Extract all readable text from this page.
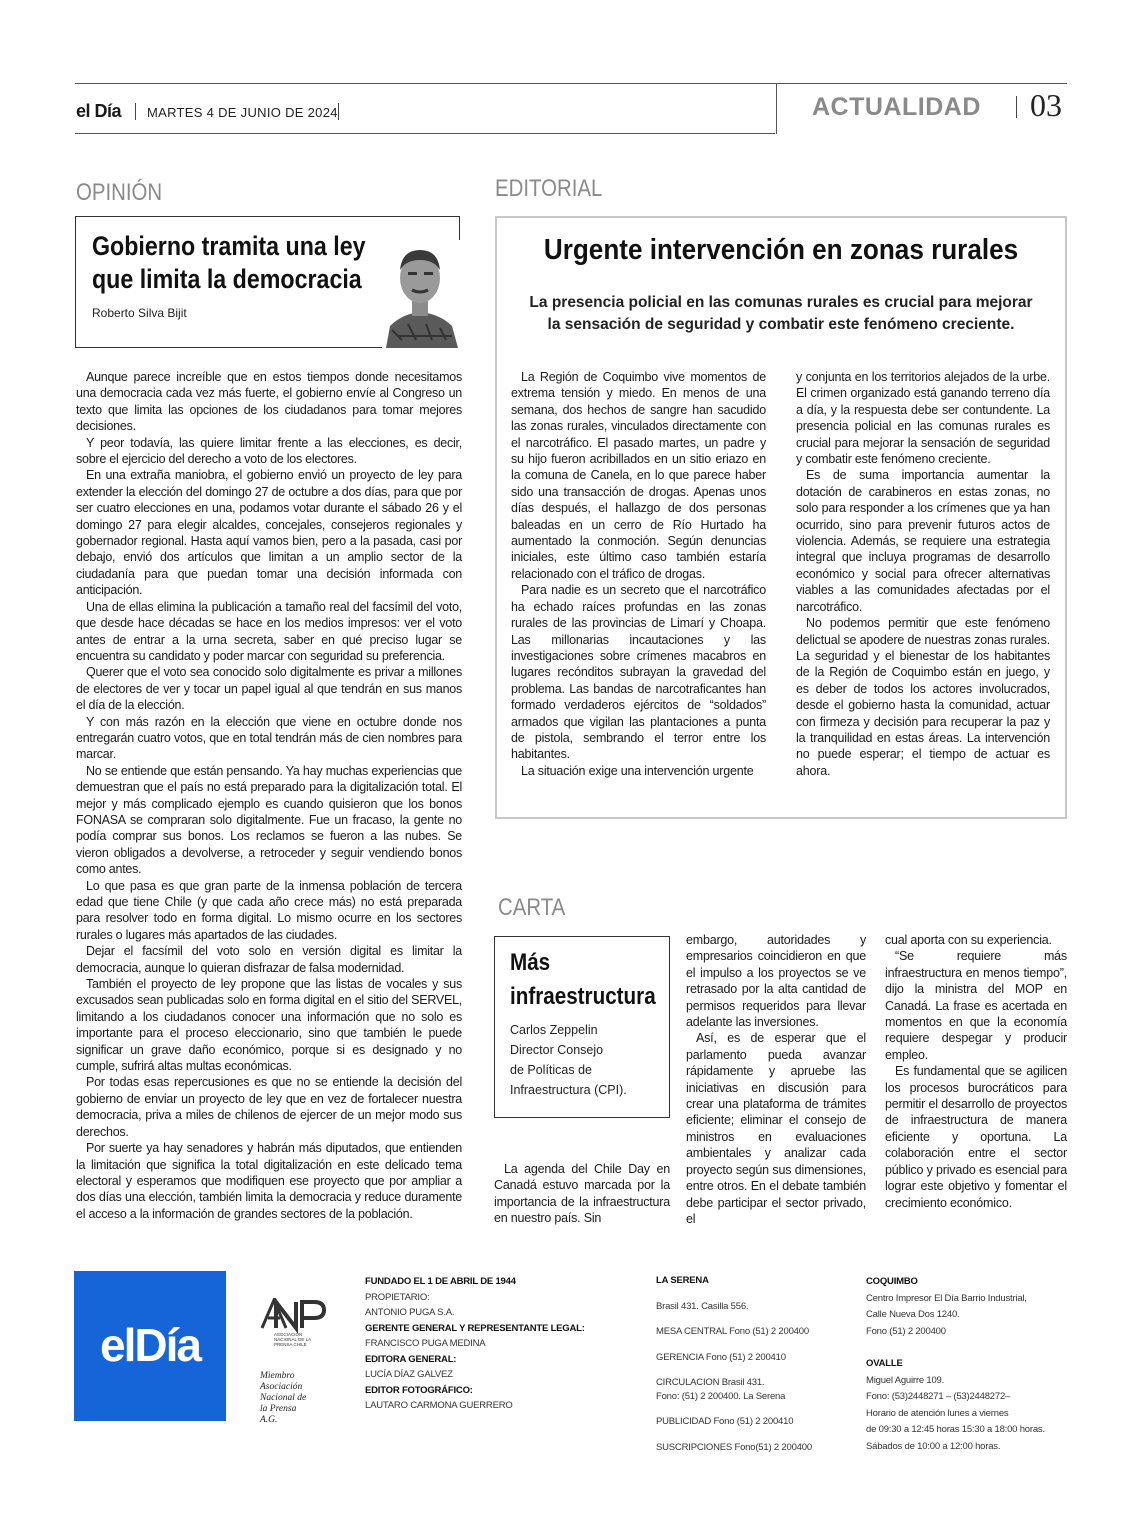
el Día MARTES 4 DE JUNIO DE 2024	ACTUALIDAD 03
OPINIÓN
Gobierno tramita una ley que limita la democracia
Roberto Silva Bijit

Aunque parece increíble que en estos tiempos donde necesitamos una democracia cada vez más fuerte, el gobierno envíe al Congreso un texto que limita las opciones de los ciudadanos para tomar mejores decisiones.

Y peor todavía, las quiere limitar frente a las elecciones, es decir, sobre el ejercicio del derecho a voto de los electores.

En una extraña maniobra, el gobierno envió un proyecto de ley para extender la elección del domingo 27 de octubre a dos días, para que por ser cuatro elecciones en una, podamos votar durante el sábado 26 y el domingo 27 para elegir alcaldes, concejales, consejeros regionales y gobernador regional. Hasta aquí vamos bien, pero a la pasada, casi por debajo, envió dos artículos que limitan a un amplio sector de la ciudadanía para que puedan tomar una decisión informada con anticipación.

Una de ellas elimina la publicación a tamaño real del facsímil del voto, que desde hace décadas se hace en los medios impresos: ver el voto antes de entrar a la urna secreta, saber en qué preciso lugar se encuentra su candidato y poder marcar con seguridad su preferencia.

Querer que el voto sea conocido solo digitalmente es privar a millones de electores de ver y tocar un papel igual al que tendrán en sus manos el día de la elección.

Y con más razón en la elección que viene en octubre donde nos entregarán cuatro votos, que en total tendrán más de cien nombres para marcar.

No se entiende que están pensando. Ya hay muchas experiencias que demuestran que el país no está preparado para la digitalización total. El mejor y más complicado ejemplo es cuando quisieron que los bonos FONASA se compraran solo digitalmente. Fue un fracaso, la gente no podía comprar sus bonos. Los reclamos se fueron a las nubes. Se vieron obligados a devolverse, a retroceder y seguir vendiendo bonos como antes.

Lo que pasa es que gran parte de la inmensa población de tercera edad que tiene Chile (y que cada año crece más) no está preparada para resolver todo en forma digital. Lo mismo ocurre en los sectores rurales o lugares más apartados de las ciudades.

Dejar el facsímil del voto solo en versión digital es limitar la democracia, aunque lo quieran disfrazar de falsa modernidad.

También el proyecto de ley propone que las listas de vocales y sus excusados sean publicadas solo en forma digital en el sitio del SERVEL, limitando a los ciudadanos conocer una información que no solo es importante para el proceso eleccionario, sino que también le puede significar un grave daño económico, porque si es designado y no cumple, sufrirá altas multas económicas.

Por todas esas repercusiones es que no se entiende la decisión del gobierno de enviar un proyecto de ley que en vez de fortalecer nuestra democracia, priva a miles de chilenos de ejercer de un mejor modo sus derechos.

Por suerte ya hay senadores y habrán más diputados, que entienden la limitación que significa la total digitalización en este delicado tema electoral y esperamos que modifiquen ese proyecto que por ampliar a dos días una elección, también limita la democracia y reduce duramente el acceso a la información de grandes sectores de la población.

EDITORIAL
Urgente intervención en zonas rurales
La presencia policial en las comunas rurales es crucial para mejorar la sensación de seguridad y combatir este fenómeno creciente.

La Región de Coquimbo vive momentos de extrema tensión y miedo. En menos de una semana, dos hechos de sangre han sacudido las zonas rurales, vinculados directamente con el narcotráfico. El pasado martes, un padre y su hijo fueron acribillados en un sitio eriazo en la comuna de Canela, en lo que parece haber sido una transacción de drogas. Apenas unos días después, el hallazgo de dos personas baleadas en un cerro de Río Hurtado ha aumentado la conmoción. Según denuncias iniciales, este último caso también estaría relacionado con el tráfico de drogas.

Para nadie es un secreto que el narcotráfico ha echado raíces profundas en las zonas rurales de las provincias de Limarí y Choapa. Las millonarias incautaciones y las investigaciones sobre crímenes macabros en lugares recónditos subrayan la gravedad del problema. Las bandas de narcotraficantes han formado verdaderos ejércitos de “soldados” armados que vigilan las plantaciones a punta de pistola, sembrando el terror entre los habitantes.

La situación exige una intervención urgente

y conjunta en los territorios alejados de la urbe. El crimen organizado está ganando terreno día a día, y la respuesta debe ser contundente. La presencia policial en las comunas rurales es crucial para mejorar la sensación de seguridad y combatir este fenómeno creciente.

Es de suma importancia aumentar la dotación de carabineros en estas zonas, no solo para responder a los crímenes que ya han ocurrido, sino para prevenir futuros actos de violencia. Además, se requiere una estrategia integral que incluya programas de desarrollo económico y social para ofrecer alternativas viables a las comunidades afectadas por el narcotráfico.

No podemos permitir que este fenómeno delictual se apodere de nuestras zonas rurales. La seguridad y el bienestar de los habitantes de la Región de Coquimbo están en juego, y es deber de todos los actores involucrados, desde el gobierno hasta la comunidad, actuar con firmeza y decisión para recuperar la paz y la tranquilidad en estas áreas. La intervención no puede esperar; el tiempo de actuar es ahora.

CARTA
Más infraestructura
Carlos Zeppelin
Director Consejo
de Políticas de
Infraestructura (CPI).

La agenda del Chile Day en Canadá estuvo marcada por la importancia de la infraestructura en nuestro país. Sin

embargo, autoridades y empresarios coincidieron en que el impulso a los proyectos se ve retrasado por la alta cantidad de permisos requeridos para llevar adelante las inversiones.

Así, es de esperar que el parlamento pueda avanzar rápidamente y apruebe las iniciativas en discusión para crear una plataforma de trámites eficiente; eliminar el consejo de ministros en evaluaciones ambientales y analizar cada proyecto según sus dimensiones, entre otros. En el debate también debe participar el sector privado, el

cual aporta con su experiencia.

“Se requiere más infraestructura en menos tiempo”, dijo la ministra del MOP en Canadá. La frase es acertada en momentos en que la economía requiere despegar y producir empleo.

Es fundamental que se agilicen los procesos burocráticos para permitir el desarrollo de proyectos de infraestructura de manera eficiente y oportuna. La colaboración entre el sector público y privado es esencial para lograr este objetivo y fomentar el crecimiento económico.

elDía	ASOCIACIÓN NACIONAL DE LA PRENSA CHILE
Miembro
Asociación
Nacional de
la Prensa
A.G.
FUNDADO EL 1 DE ABRIL DE 1944
PROPIETARIO:
ANTONIO PUGA S.A.
GERENTE GENERAL Y REPRESENTANTE LEGAL:
FRANCISCO PUGA MEDINA
EDITORA GENERAL:
LUCÍA DÍAZ GALVEZ
EDITOR FOTOGRÁFICO:
LAUTARO CARMONA GUERRERO
LA SERENA
Brasil 431. Casilla 556.
MESA CENTRAL Fono (51) 2 200400
GERENCIA Fono (51) 2 200410
CIRCULACION Brasil 431.
Fono: (51) 2 200400. La Serena
PUBLICIDAD Fono (51) 2 200410
SUSCRIPCIONES Fono(51) 2 200400
COQUIMBO
Centro Impresor El Día Barrio Industrial,
Calle Nueva Dos 1240.
Fono (51) 2 200400
OVALLE
Miguel Aguirre 109.
Fono: (53)2448271 – (53)2448272–
Horario de atención lunes a viernes
de 09:30 a 12:45 horas 15:30 a 18:00 horas.
Sábados de 10:00 a 12:00 horas.
